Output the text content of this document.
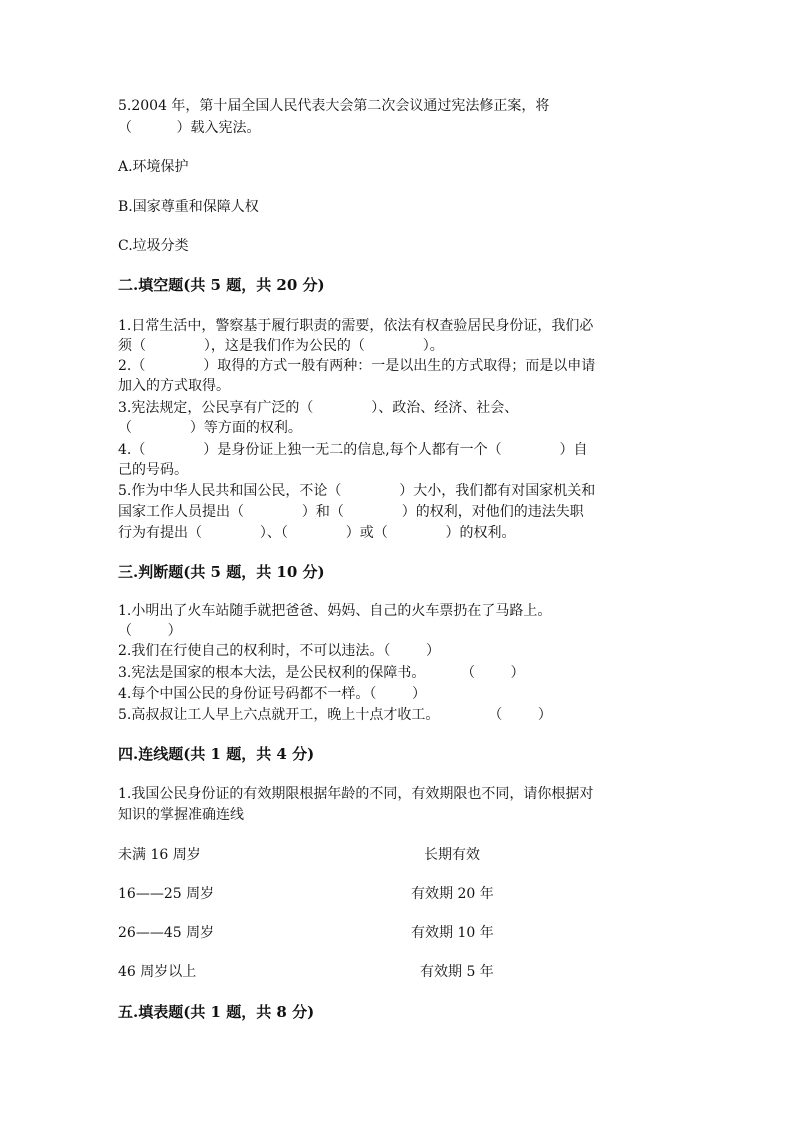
5.2004 年，第十届全国人民代表大会第二次会议通过宪法修正案，将
（          ）载入宪法。
A.环境保护
B.国家尊重和保障人权
C.垃圾分类
二.填空题(共 5 题，共 20 分)
1.日常生活中，警察基于履行职责的需要，依法有权查验居民身份证，我们必
须（             ），这是我们作为公民的（             ）。
2.（             ）取得的方式一般有两种：一是以出生的方式取得；而是以申请
加入的方式取得。
3.宪法规定，公民享有广泛的（             ）、政治、经济、社会、
（             ）等方面的权利。
4.（             ）是身份证上独一无二的信息,每个人都有一个（             ）自
己的号码。
5.作为中华人民共和国公民，不论（             ）大小，我们都有对国家机关和
国家工作人员提出（             ）和（             ）的权利，对他们的违法失职
行为有提出（             ）、（             ）或（             ）的权利。
三.判断题(共 5 题，共 10 分)
1.小明出了火车站随手就把爸爸、妈妈、自己的火车票扔在了马路上。
（        ）
2.我们在行使自己的权利时，不可以违法。（        ）
3.宪法是国家的根本大法，是公民权利的保障书。        （        ）
4.每个中国公民的身份证号码都不一样。（        ）
5.高叔叔让工人早上六点就开工，晚上十点才收工。           （        ）
四.连线题(共 1 题，共 4 分)
1.我国公民身份证的有效期限根据年龄的不同，有效期限也不同，请你根据对
知识的掌握准确连线
未满 16 周岁	长期有效
16——25 周岁	有效期 20 年
26——45 周岁	有效期 10 年
46 周岁以上	有效期 5 年
五.填表题(共 1 题，共 8 分)
